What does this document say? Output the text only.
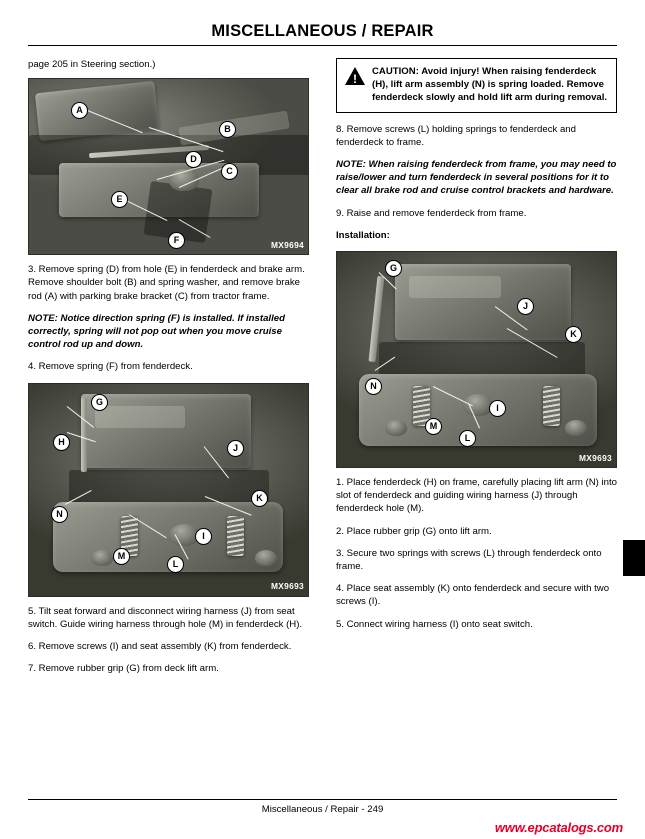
MISCELLANEOUS / REPAIR

page 205 in Steering section.)

A
B
C
D
E
F	MX9694

3. Remove spring (D) from hole (E) in fenderdeck and brake arm. Remove shoulder bolt (B) and spring washer, and remove brake rod (A) with parking brake bracket (C) from tractor frame.

NOTE: Notice direction spring (F) is installed. If installed correctly, spring will not pop out when you move cruise control rod up and down.

4. Remove spring (F) from fenderdeck.

G
H
J
K
L
M
N
I
MX9693

5. Tilt seat forward and disconnect wiring harness (J) from seat switch. Guide wiring harness through hole (M) in fenderdeck (H).

6. Remove screws (I) and seat assembly (K) from fenderdeck.

7. Remove rubber grip (G) from deck lift arm.

!
CAUTION: Avoid injury! When raising fenderdeck (H), lift arm assembly (N) is spring loaded. Remove fenderdeck slowly and hold lift arm during removal.

8. Remove screws (L) holding springs to fenderdeck and fenderdeck to frame.

NOTE: When raising fenderdeck from frame, you may need to raise/lower and turn fenderdeck in several positions for it to clear all brake rod and cruise control brackets and hardware.

9. Raise and remove fenderdeck from frame.

Installation:

G
J
K
L
M
N
I
MX9693

1. Place fenderdeck (H) on frame, carefully placing lift arm (N) into slot of fenderdeck and guiding wiring harness (J) through fenderdeck hole (M).

2. Place rubber grip (G) onto lift arm.

3. Secure two springs with screws (L) through fenderdeck onto frame.

4. Place seat assembly (K) onto fenderdeck and secure with two screws (I).

5. Connect wiring harness (I) onto seat switch.

Miscellaneous / Repair - 249
www.epcatalogs.com
